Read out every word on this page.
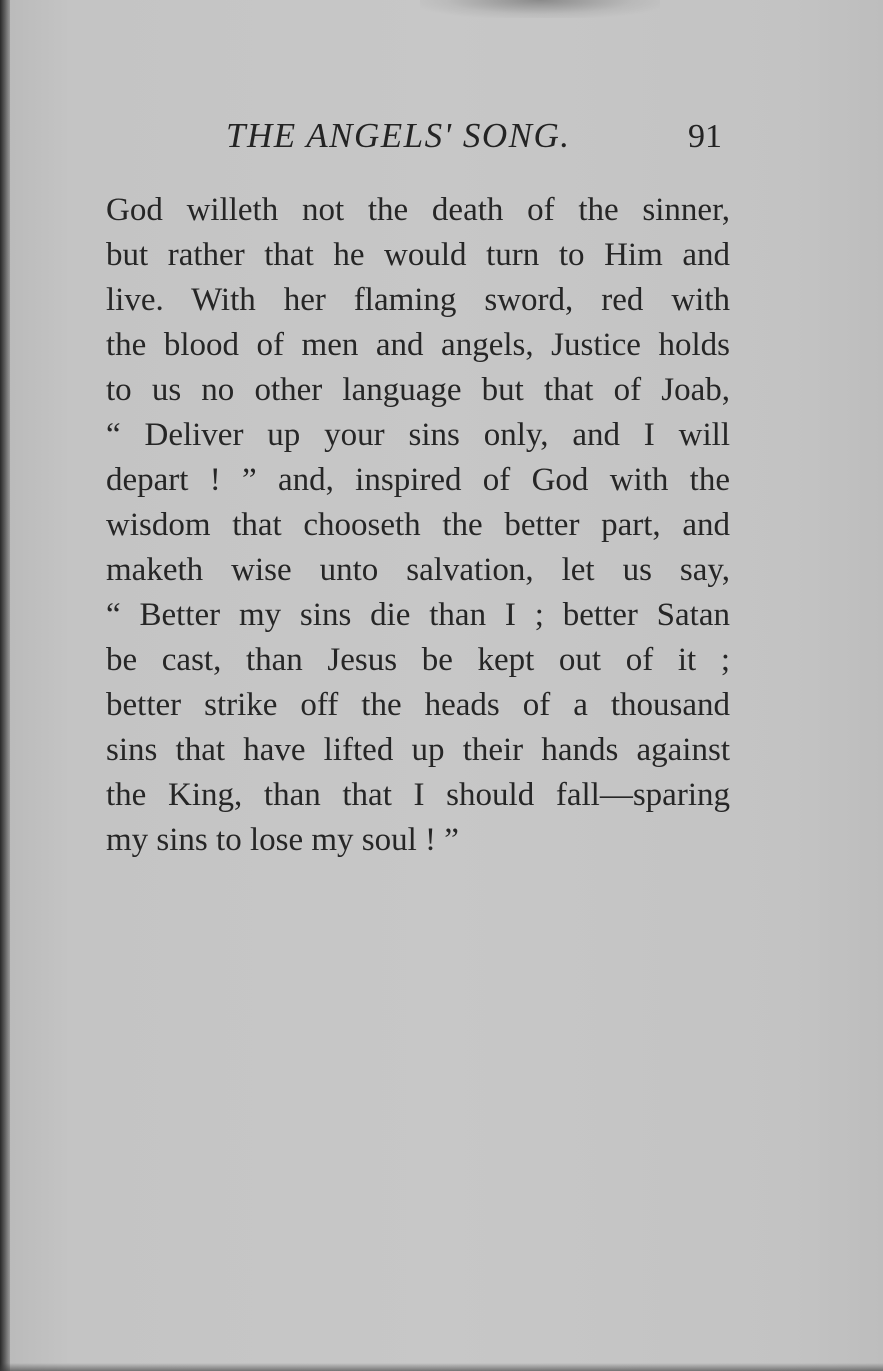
THE ANGELS' SONG.	91
God willeth not the death of the sinner,
but rather that he would turn to Him and
live. With her flaming sword, red with
the blood of men and angels, Justice holds
to us no other language but that of Joab,
“ Deliver up your sins only, and I will
depart ! ” and, inspired of God with the
wisdom that chooseth the better part, and
maketh wise unto salvation, let us say,
“ Better my sins die than I ; better Satan
be cast, than Jesus be kept out of it ;
better strike off the heads of a thousand
sins that have lifted up their hands against
the King, than that I should fall—sparing
my sins to lose my soul ! ”
